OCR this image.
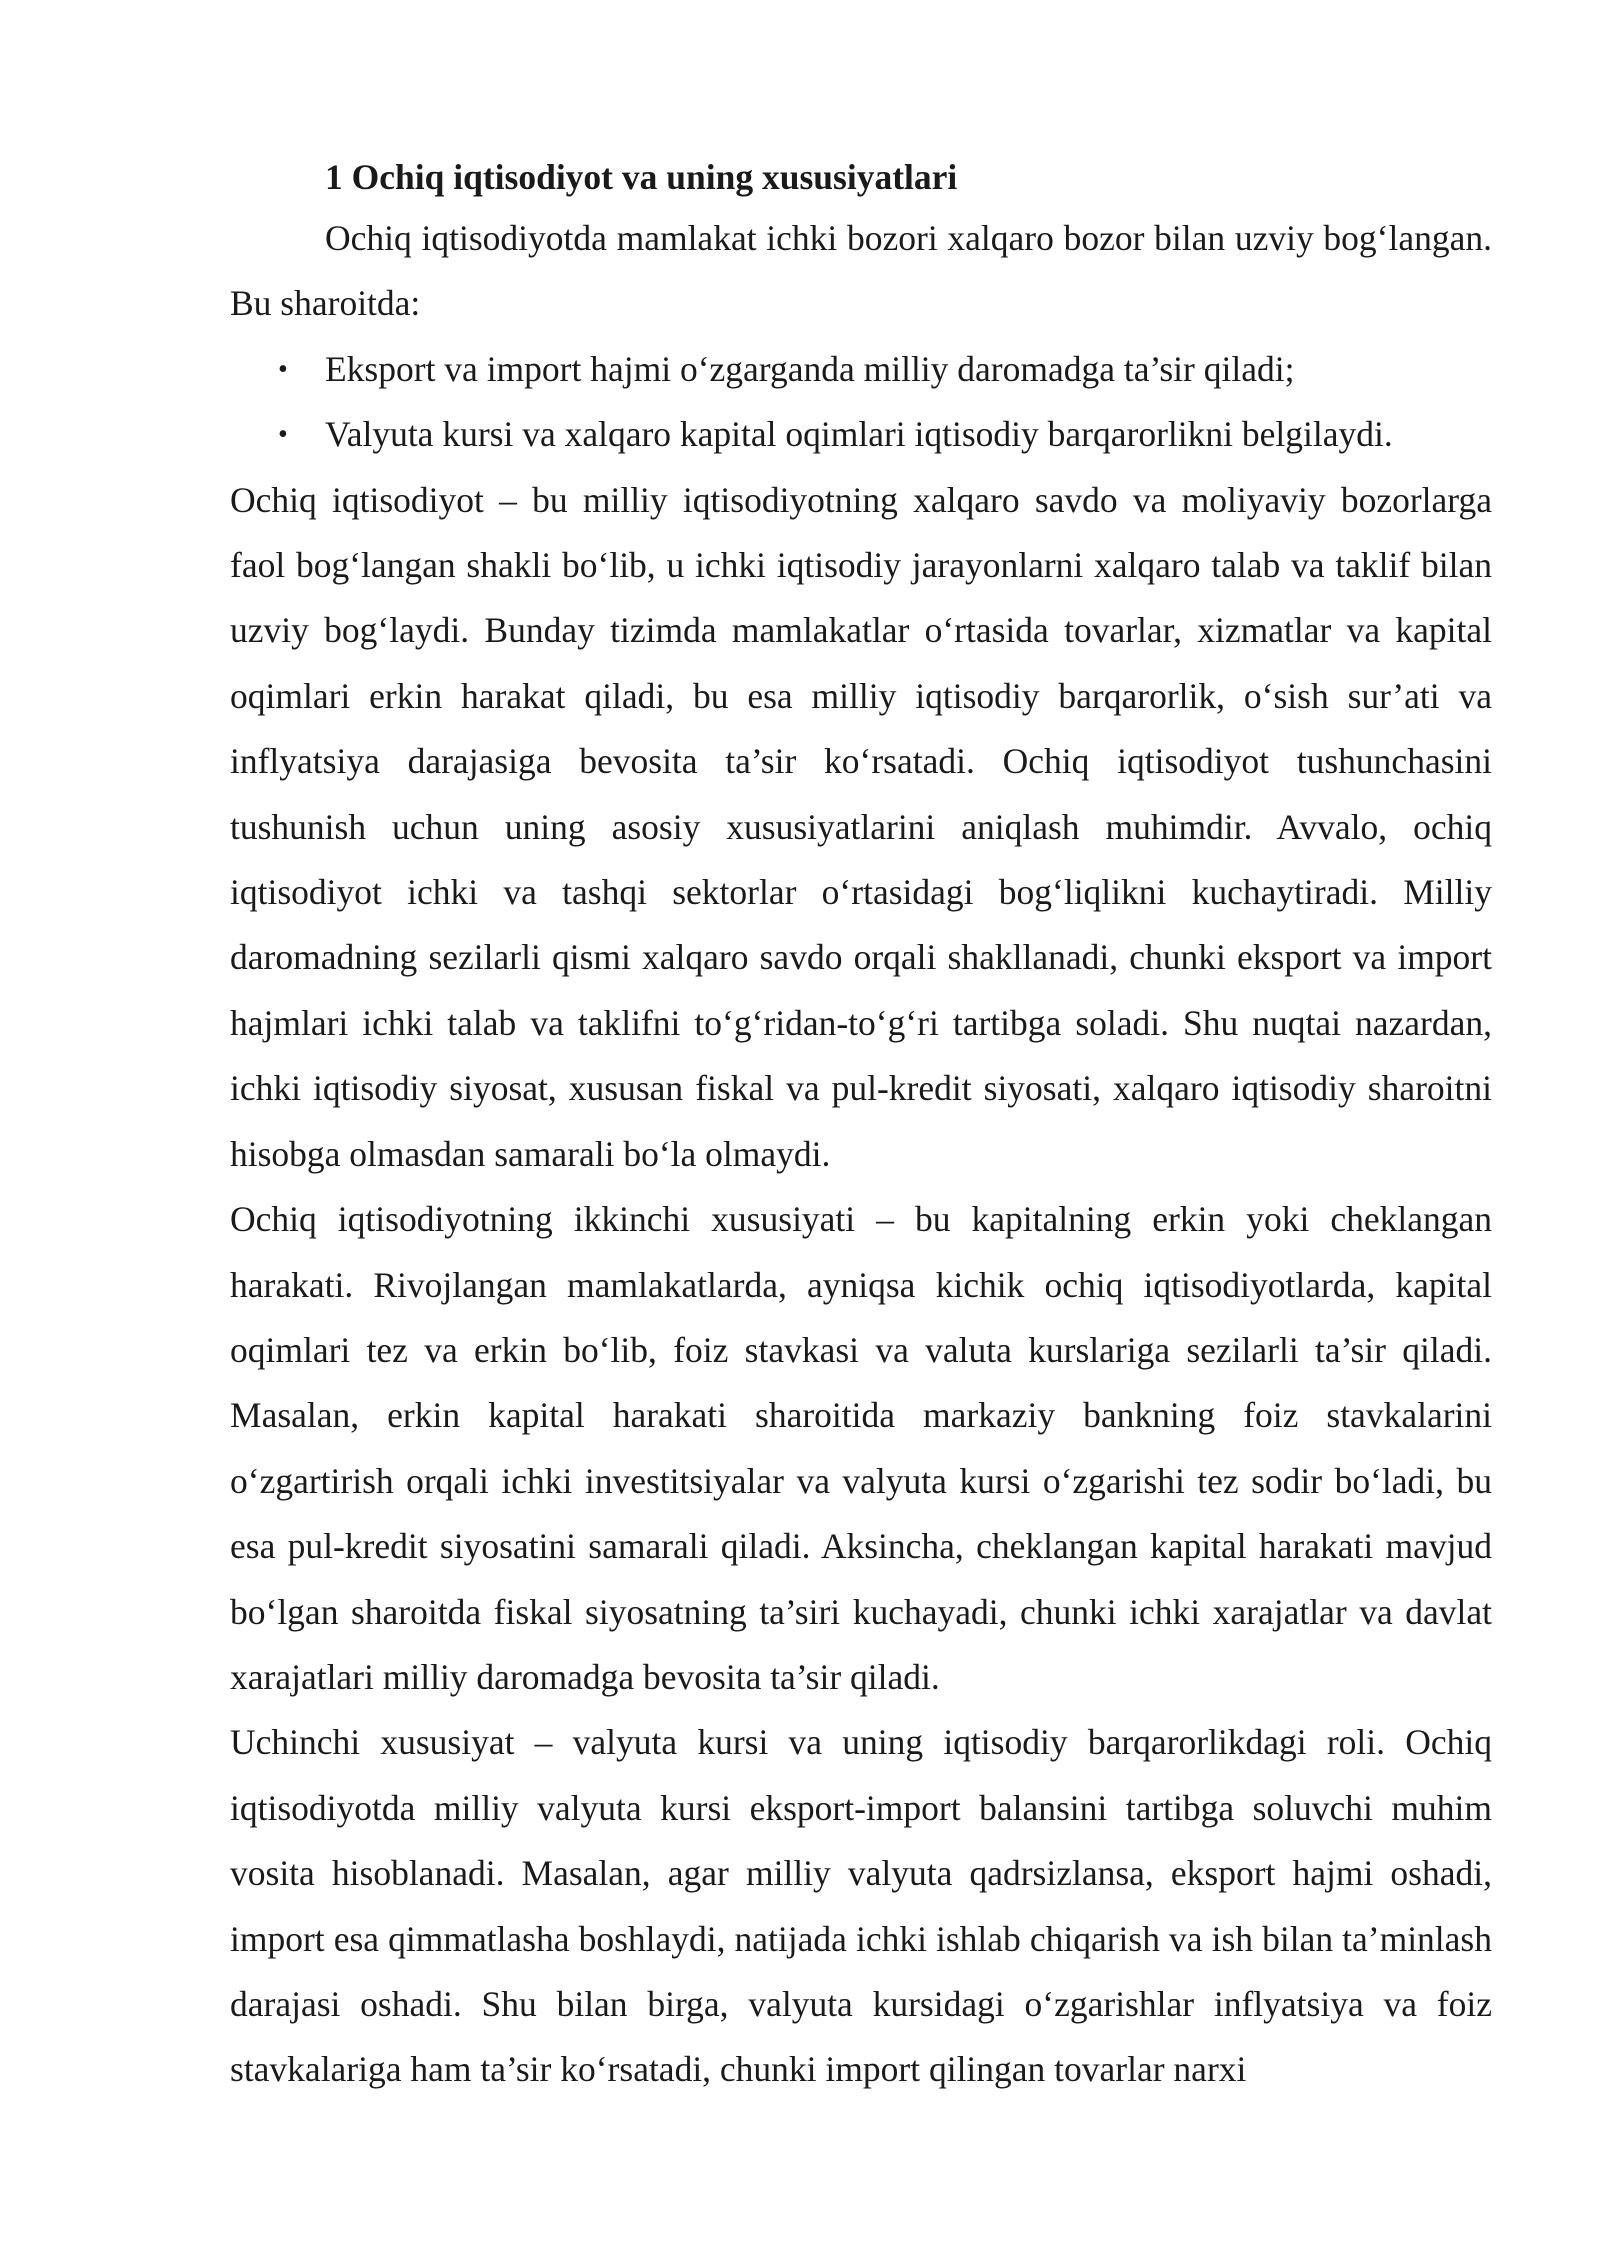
1 Ochiq iqtisodiyot va uning xususiyatlari

Ochiq iqtisodiyotda mamlakat ichki bozori xalqaro bozor bilan uzviy bog‘langan. Bu sharoitda:

• Eksport va import hajmi o‘zgarganda milliy daromadga ta’sir qiladi;
• Valyuta kursi va xalqaro kapital oqimlari iqtisodiy barqarorlikni belgilaydi.

Ochiq iqtisodiyot – bu milliy iqtisodiyotning xalqaro savdo va moliyaviy bozorlarga faol bog‘langan shakli bo‘lib, u ichki iqtisodiy jarayonlarni xalqaro talab va taklif bilan uzviy bog‘laydi. Bunday tizimda mamlakatlar o‘rtasida tovarlar, xizmatlar va kapital oqimlari erkin harakat qiladi, bu esa milliy iqtisodiy barqarorlik, o‘sish sur’ati va inflyatsiya darajasiga bevosita ta’sir ko‘rsatadi. Ochiq iqtisodiyot tushunchasini tushunish uchun uning asosiy xususiyatlarini aniqlash muhimdir. Avvalo, ochiq iqtisodiyot ichki va tashqi sektorlar o‘rtasidagi bog‘liqlikni kuchaytiradi. Milliy daromadning sezilarli qismi xalqaro savdo orqali shakllanadi, chunki eksport va import hajmlari ichki talab va taklifni to‘g‘ridan-to‘g‘ri tartibga soladi. Shu nuqtai nazardan, ichki iqtisodiy siyosat, xususan fiskal va pul-kredit siyosati, xalqaro iqtisodiy sharoitni hisobga olmasdan samarali bo‘la olmaydi.

Ochiq iqtisodiyotning ikkinchi xususiyati – bu kapitalning erkin yoki cheklangan harakati. Rivojlangan mamlakatlarda, ayniqsa kichik ochiq iqtisodiyotlarda, kapital oqimlari tez va erkin bo‘lib, foiz stavkasi va valuta kurslariga sezilarli ta’sir qiladi. Masalan, erkin kapital harakati sharoitida markaziy bankning foiz stavkalarini o‘zgartirish orqali ichki investitsiyalar va valyuta kursi o‘zgarishi tez sodir bo‘ladi, bu esa pul-kredit siyosatini samarali qiladi. Aksincha, cheklangan kapital harakati mavjud bo‘lgan sharoitda fiskal siyosatning ta’siri kuchayadi, chunki ichki xarajatlar va davlat xarajatlari milliy daromadga bevosita ta’sir qiladi.

Uchinchi xususiyat – valyuta kursi va uning iqtisodiy barqarorlikdagi roli. Ochiq iqtisodiyotda milliy valyuta kursi eksport-import balansini tartibga soluvchi muhim vosita hisoblanadi. Masalan, agar milliy valyuta qadrsizlansa, eksport hajmi oshadi, import esa qimmatlasha boshlaydi, natijada ichki ishlab chiqarish va ish bilan ta’minlash darajasi oshadi. Shu bilan birga, valyuta kursidagi o‘zgarishlar inflyatsiya va foiz stavkalariga ham ta’sir ko‘rsatadi, chunki import qilingan tovarlar narxi
